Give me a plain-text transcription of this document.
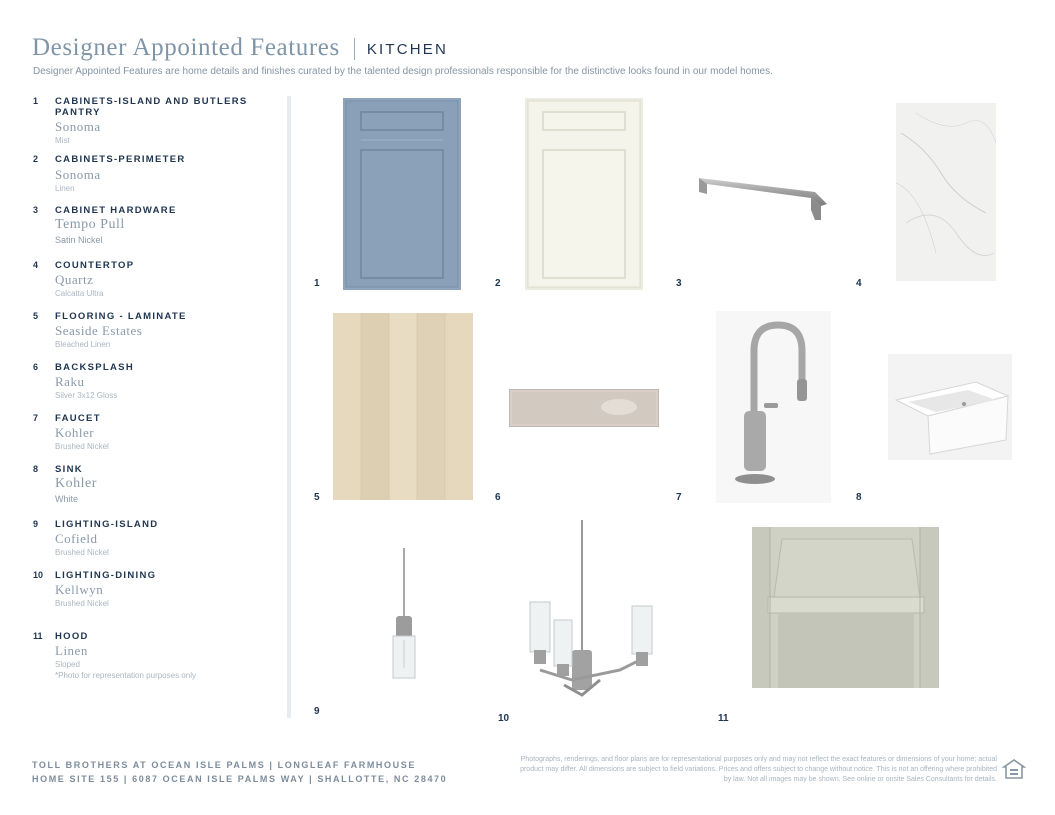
Designer Appointed Features KITCHEN
Designer Appointed Features are home details and finishes curated by the talented design professionals responsible for the distinctive looks found in our model homes.
1	CABINETS-ISLAND AND BUTLERS PANTRY
Sonoma
Mist
2	CABINETS-PERIMETER
Sonoma
Linen
3	CABINET HARDWARE
Tempo Pull
Satin Nickel
4	COUNTERTOP
Quartz
Calcatta Ultra
5	FLOORING - LAMINATE
Seaside Estates
Bleached Linen
6	BACKSPLASH
Raku
Silver 3x12 Gloss
7	FAUCET
Kohler
Brushed Nickel
8	SINK
Kohler
White
9	LIGHTING-ISLAND
Cofield
Brushed Nickel
10	LIGHTING-DINING
Kellwyn
Brushed Nickel
11	HOOD
Linen
Sloped
*Photo for representation purposes only
1	2	3	4
5	6	7	8
9
10	11
TOLL BROTHERS AT OCEAN ISLE PALMS | LONGLEAF FARMHOUSE
HOME SITE 155 | 6087 OCEAN ISLE PALMS WAY | SHALLOTTE, NC 28470
Photographs, renderings, and floor plans are for representational purposes only and may not reflect the exact features or dimensions of your home; actual product may differ. All dimensions are subject to field variations. Prices and offers subject to change without notice. This is not an offering where prohibited by law. Not all images may be shown. See online or onsite Sales Consultants for details.
